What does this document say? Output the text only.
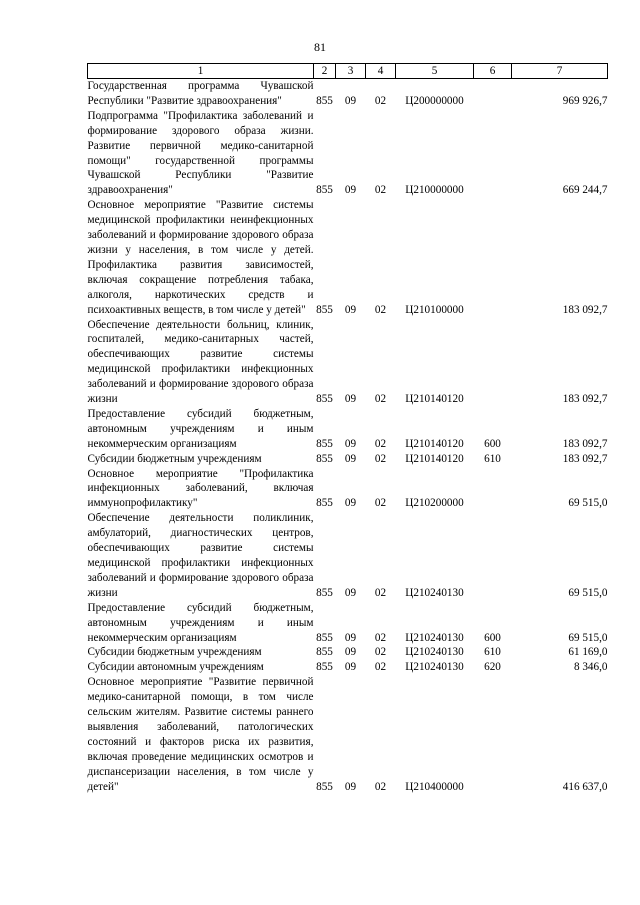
81
1	2	3	4	5	6	7
Государственная программа Чувашской Республики "Развитие здравоохранения"	855	09	02	Ц200000000		969 926,7
Подпрограмма "Профилактика заболеваний и формирование здорового образа жизни. Развитие первичной медико-санитарной помощи" государственной программы Чувашской Республики "Развитие здравоохранения"	855	09	02	Ц210000000		669 244,7
Основное мероприятие "Развитие системы медицинской профилактики неинфекционных заболеваний и формирование здорового образа жизни у населения, в том числе у детей. Профилактика развития зависимостей, включая сокращение потребления табака, алкоголя, наркотических средств и психоактивных веществ, в том числе у детей"	855	09	02	Ц210100000		183 092,7
Обеспечение деятельности больниц, клиник, госпиталей, медико-санитарных частей, обеспечивающих развитие системы медицинской профилактики инфекционных заболеваний и формирование здорового образа жизни	855	09	02	Ц210140120		183 092,7
Предоставление субсидий бюджетным, автономным учреждениям и иным некоммерческим организациям	855	09	02	Ц210140120	600	183 092,7
Субсидии бюджетным учреждениям	855	09	02	Ц210140120	610	183 092,7
Основное мероприятие "Профилактика инфекционных заболеваний, включая иммунопрофилактику"	855	09	02	Ц210200000		69 515,0
Обеспечение деятельности поликлиник, амбулаторий, диагностических центров, обеспечивающих развитие системы медицинской профилактики инфекционных заболеваний и формирование здорового образа жизни	855	09	02	Ц210240130		69 515,0
Предоставление субсидий бюджетным, автономным учреждениям и иным некоммерческим организациям	855	09	02	Ц210240130	600	69 515,0
Субсидии бюджетным учреждениям	855	09	02	Ц210240130	610	61 169,0
Субсидии автономным учреждениям	855	09	02	Ц210240130	620	8 346,0
Основное мероприятие "Развитие первичной медико-санитарной помощи, в том числе сельским жителям. Развитие системы раннего выявления заболеваний, патологических состояний и факторов риска их развития, включая проведение медицинских осмотров и диспансеризации населения, в том числе у детей"	855	09	02	Ц210400000		416 637,0
